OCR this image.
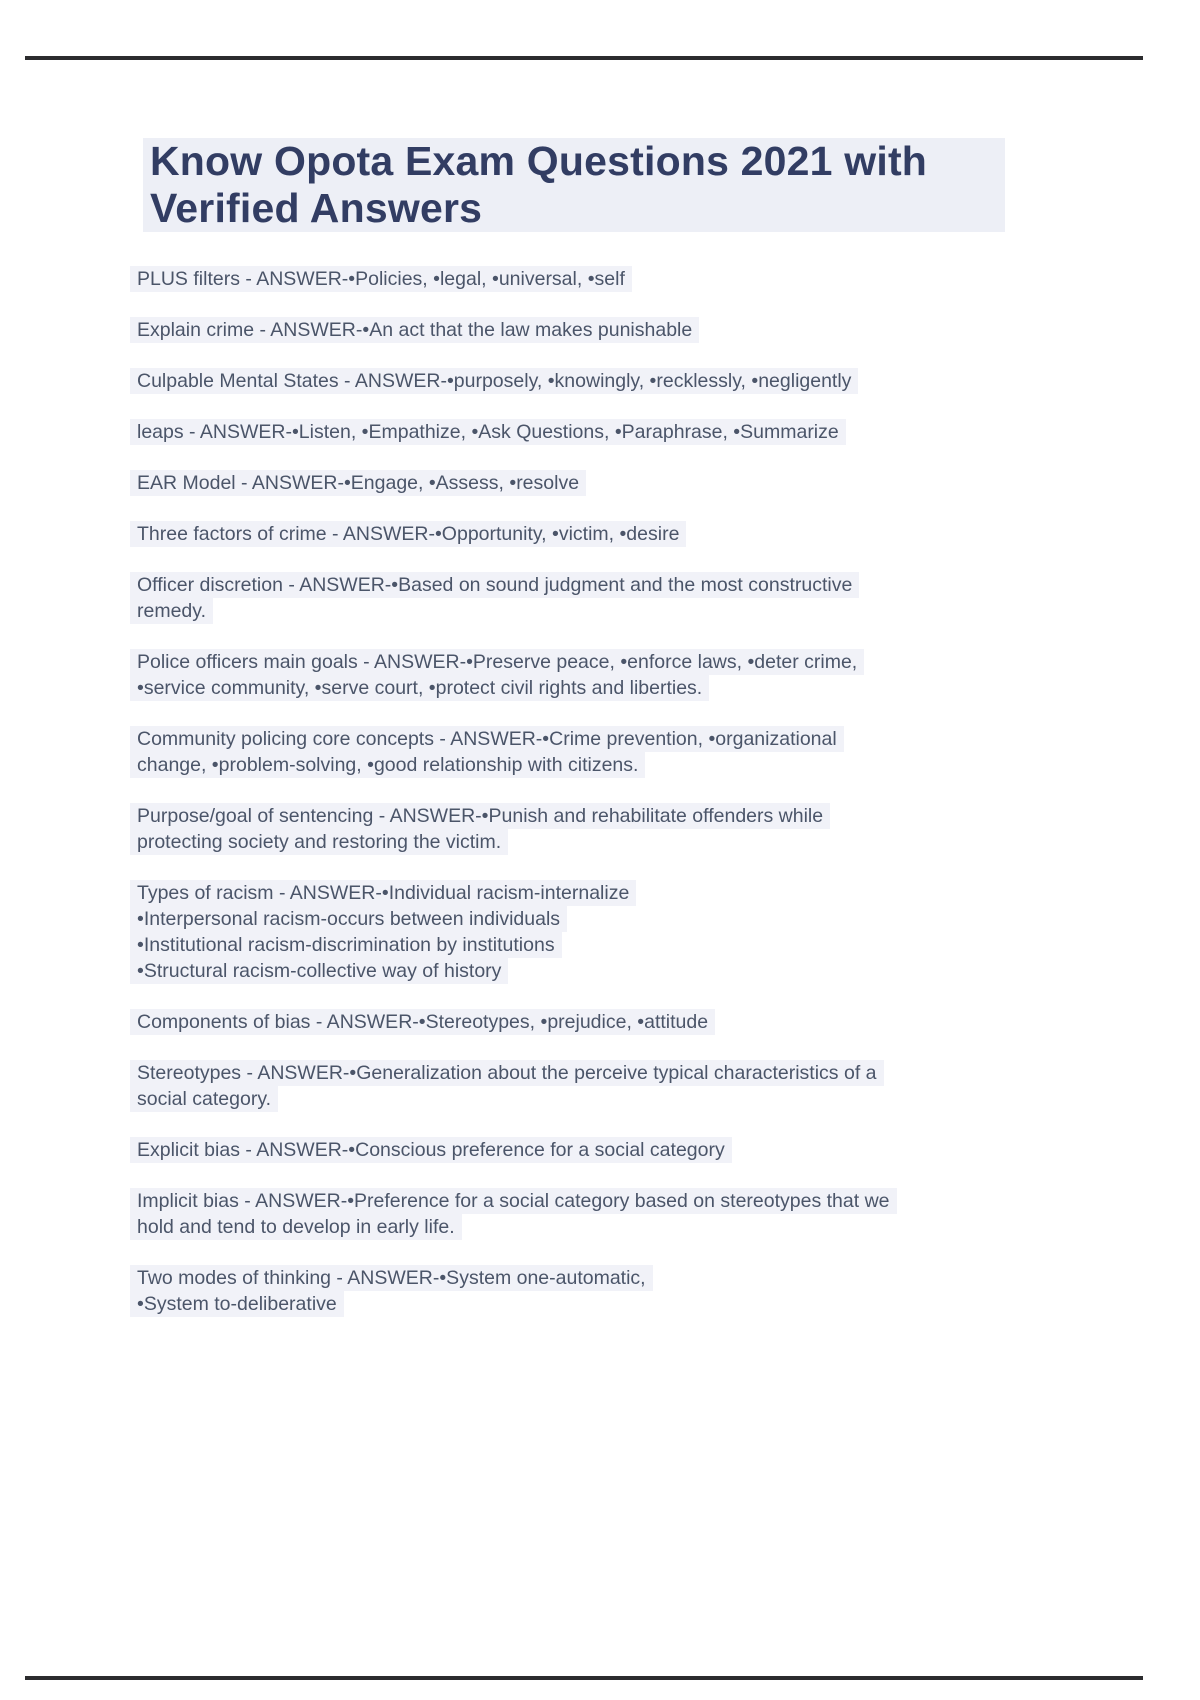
Know Opota Exam Questions 2021 with
Verified Answers

PLUS filters - ANSWER-•Policies, •legal, •universal, •self

Explain crime - ANSWER-•An act that the law makes punishable

Culpable Mental States - ANSWER-•purposely, •knowingly, •recklessly, •negligently

leaps - ANSWER-•Listen, •Empathize, •Ask Questions, •Paraphrase, •Summarize

EAR Model - ANSWER-•Engage, •Assess, •resolve

Three factors of crime - ANSWER-•Opportunity, •victim, •desire

Officer discretion - ANSWER-•Based on sound judgment and the most constructive
remedy.

Police officers main goals - ANSWER-•Preserve peace, •enforce laws, •deter crime,
•service community, •serve court, •protect civil rights and liberties.

Community policing core concepts - ANSWER-•Crime prevention, •organizational
change, •problem-solving, •good relationship with citizens.

Purpose/goal of sentencing - ANSWER-•Punish and rehabilitate offenders while
protecting society and restoring the victim.

Types of racism - ANSWER-•Individual racism-internalize
•Interpersonal racism-occurs between individuals
•Institutional racism-discrimination by institutions
•Structural racism-collective way of history

Components of bias - ANSWER-•Stereotypes, •prejudice, •attitude

Stereotypes - ANSWER-•Generalization about the perceive typical characteristics of a
social category.

Explicit bias - ANSWER-•Conscious preference for a social category

Implicit bias - ANSWER-•Preference for a social category based on stereotypes that we
hold and tend to develop in early life.

Two modes of thinking - ANSWER-•System one-automatic,
•System to-deliberative
